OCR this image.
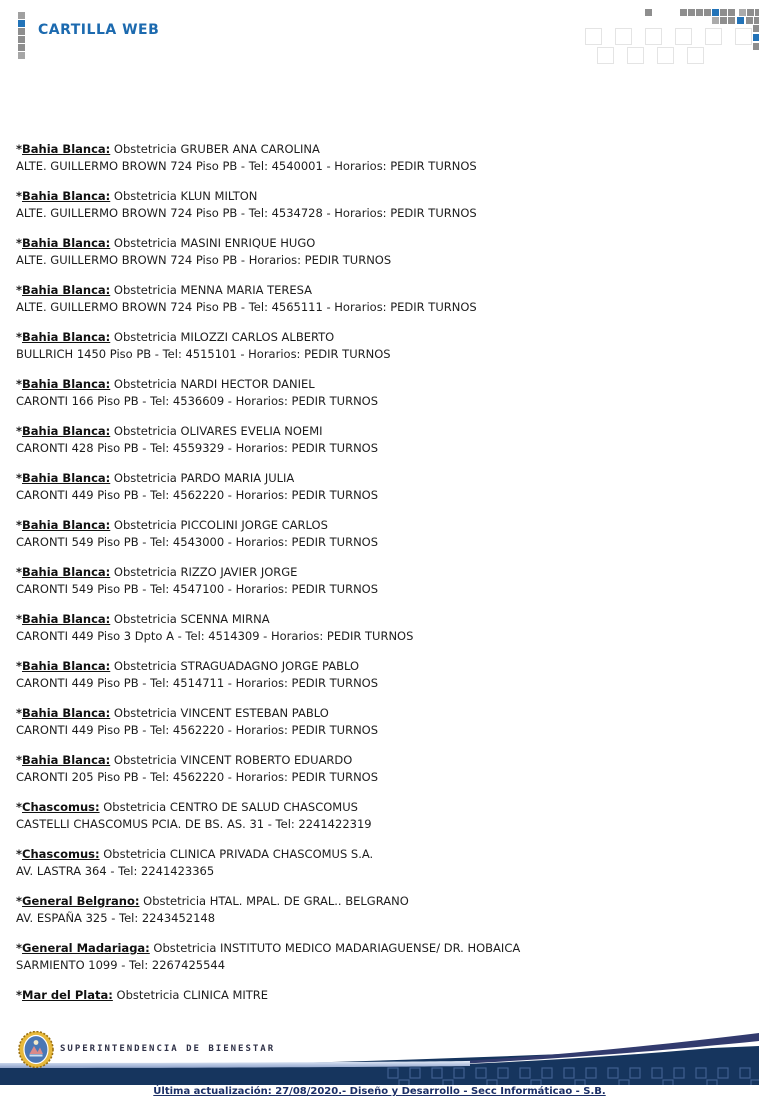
CARTILLA WEB
*Bahia Blanca: Obstetricia GRUBER ANA CAROLINA
ALTE. GUILLERMO BROWN 724 Piso PB - Tel: 4540001 - Horarios: PEDIR TURNOS
*Bahia Blanca: Obstetricia KLUN MILTON
ALTE. GUILLERMO BROWN 724 Piso PB - Tel: 4534728 - Horarios: PEDIR TURNOS
*Bahia Blanca: Obstetricia MASINI ENRIQUE HUGO
ALTE. GUILLERMO BROWN 724 Piso PB - Horarios: PEDIR TURNOS
*Bahia Blanca: Obstetricia MENNA MARIA TERESA
ALTE. GUILLERMO BROWN 724 Piso PB - Tel: 4565111 - Horarios: PEDIR TURNOS
*Bahia Blanca: Obstetricia MILOZZI CARLOS ALBERTO
BULLRICH 1450 Piso PB - Tel: 4515101 - Horarios: PEDIR TURNOS
*Bahia Blanca: Obstetricia NARDI HECTOR DANIEL
CARONTI 166 Piso PB - Tel: 4536609 - Horarios: PEDIR TURNOS
*Bahia Blanca: Obstetricia OLIVARES EVELIA NOEMI
CARONTI 428 Piso PB - Tel: 4559329 - Horarios: PEDIR TURNOS
*Bahia Blanca: Obstetricia PARDO MARIA JULIA
CARONTI 449 Piso PB - Tel: 4562220 - Horarios: PEDIR TURNOS
*Bahia Blanca: Obstetricia PICCOLINI JORGE CARLOS
CARONTI 549 Piso PB - Tel: 4543000 - Horarios: PEDIR TURNOS
*Bahia Blanca: Obstetricia RIZZO JAVIER JORGE
CARONTI 549 Piso PB - Tel: 4547100 - Horarios: PEDIR TURNOS
*Bahia Blanca: Obstetricia SCENNA MIRNA
CARONTI 449 Piso 3 Dpto A - Tel: 4514309 - Horarios: PEDIR TURNOS
*Bahia Blanca: Obstetricia STRAGUADAGNO JORGE PABLO
CARONTI 449 Piso PB - Tel: 4514711 - Horarios: PEDIR TURNOS
*Bahia Blanca: Obstetricia VINCENT ESTEBAN PABLO
CARONTI 449 Piso PB - Tel: 4562220 - Horarios: PEDIR TURNOS
*Bahia Blanca: Obstetricia VINCENT ROBERTO EDUARDO
CARONTI 205 Piso PB - Tel: 4562220 - Horarios: PEDIR TURNOS
*Chascomus: Obstetricia CENTRO DE SALUD CHASCOMUS
CASTELLI CHASCOMUS PCIA. DE BS. AS. 31 - Tel: 2241422319
*Chascomus: Obstetricia CLINICA PRIVADA CHASCOMUS S.A.
AV. LASTRA 364 - Tel: 2241423365
*General Belgrano: Obstetricia HTAL. MPAL. DE GRAL.. BELGRANO
AV. ESPAÑA 325 - Tel: 2243452148
*General Madariaga: Obstetricia INSTITUTO MEDICO MADARIAGUENSE/ DR. HOBAICA
SARMIENTO 1099 - Tel: 2267425544
*Mar del Plata: Obstetricia CLINICA MITRE
SUPERINTENDENCIA DE BIENESTAR
Última actualización: 27/08/2020.- Diseño y Desarrollo - Secc Informáticao - S.B.
